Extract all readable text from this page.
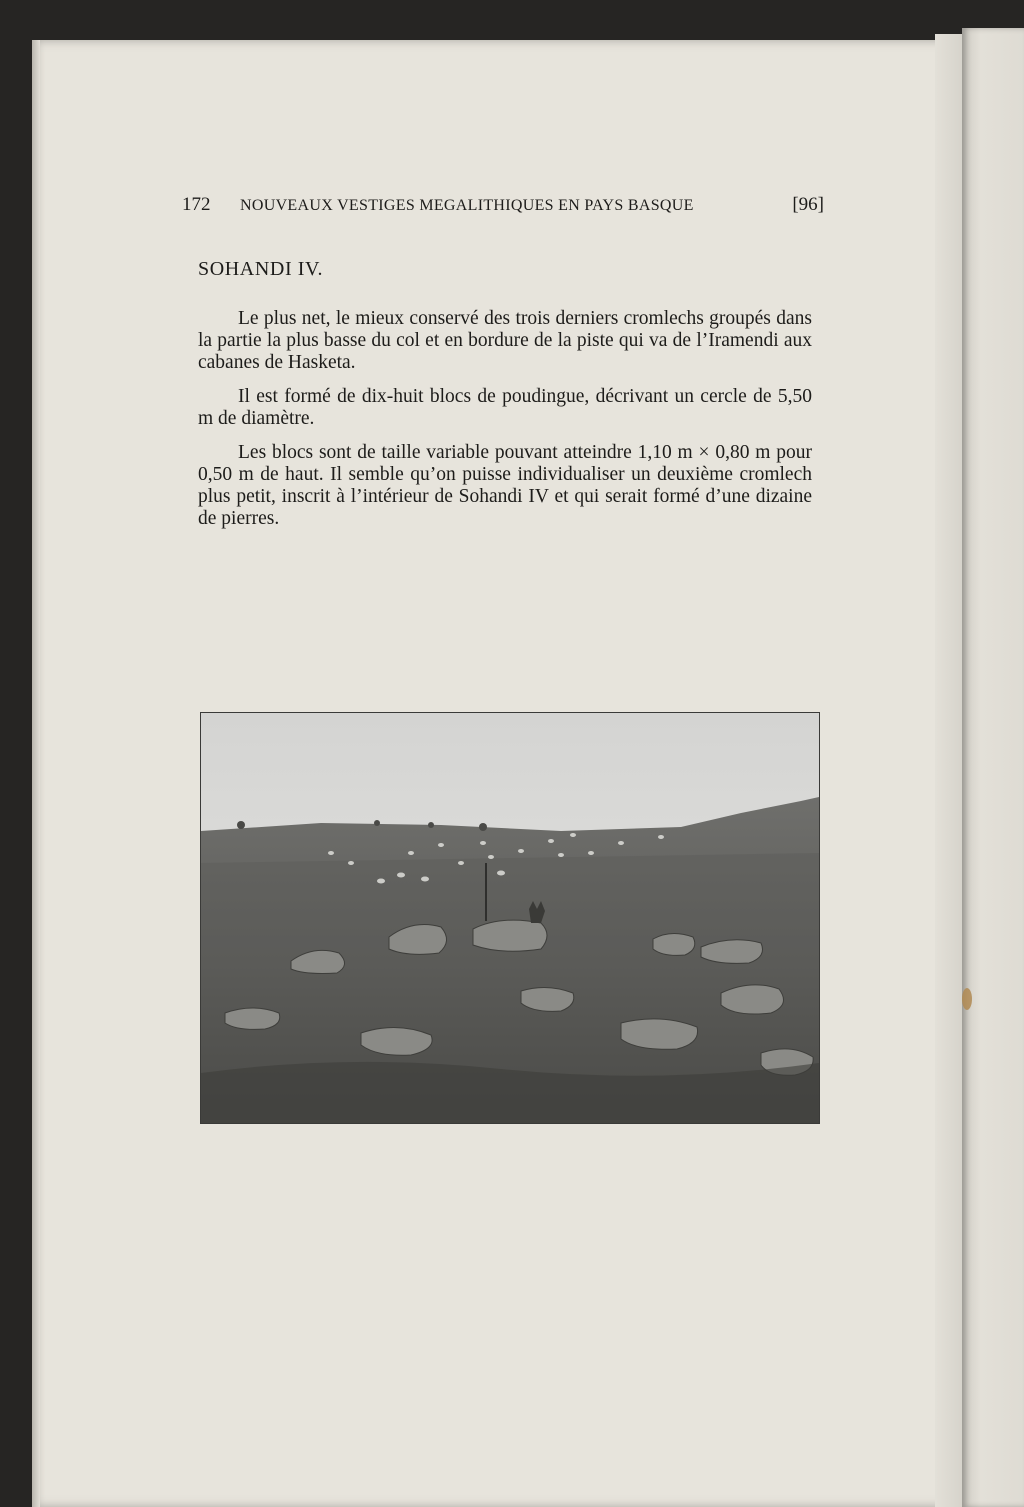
172	NOUVEAUX VESTIGES MEGALITHIQUES EN PAYS BASQUE	[96]
SOHANDI IV.

Le plus net, le mieux conservé des trois derniers cromlechs groupés dans la partie la plus basse du col et en bordure de la piste qui va de l’Iramendi aux cabanes de Hasketa.

Il est formé de dix-huit blocs de poudingue, décrivant un cercle de 5,50 m de diamètre.

Les blocs sont de taille variable pouvant atteindre 1,10 m × 0,80 m pour 0,50 m de haut. Il semble qu’on puisse individualiser un deuxième cromlech plus petit, inscrit à l’intérieur de Sohandi IV et qui serait formé d’une dizaine de pierres.
